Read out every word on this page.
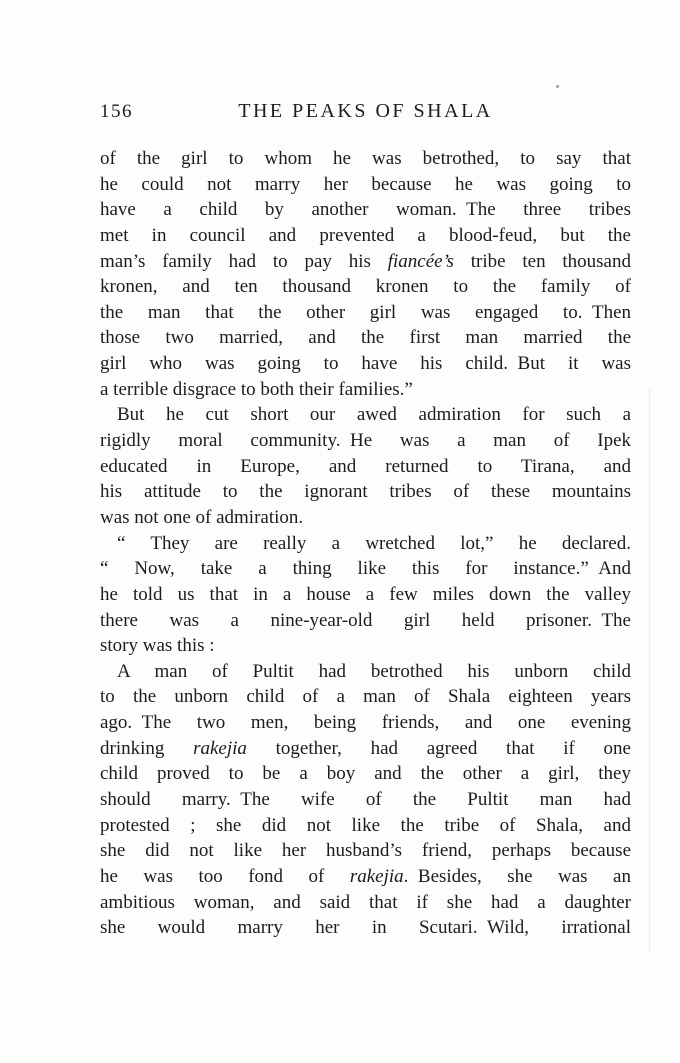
156	THE PEAKS OF SHALA
of the girl to whom he was betrothed, to say that
he could not marry her because he was going to
have a child by another woman. The three tribes
met in council and prevented a blood-feud, but the
man’s family had to pay his fiancée’s tribe ten thousand
kronen, and ten thousand kronen to the family of
the man that the other girl was engaged to. Then
those two married, and the first man married the
girl who was going to have his child. But it was
a terrible disgrace to both their families.”
But he cut short our awed admiration for such a
rigidly moral community. He was a man of Ipek
educated in Europe, and returned to Tirana, and
his attitude to the ignorant tribes of these mountains
was not one of admiration.
“ They are really a wretched lot,” he declared.
“ Now, take a thing like this for instance.” And
he told us that in a house a few miles down the valley
there was a nine-year-old girl held prisoner. The
story was this :
A man of Pultit had betrothed his unborn child
to the unborn child of a man of Shala eighteen years
ago. The two men, being friends, and one evening
drinking rakejia together, had agreed that if one
child proved to be a boy and the other a girl, they
should marry. The wife of the Pultit man had
protested ; she did not like the tribe of Shala, and
she did not like her husband’s friend, perhaps because
he was too fond of rakejia. Besides, she was an
ambitious woman, and said that if she had a daughter
she would marry her in Scutari. Wild, irrational
